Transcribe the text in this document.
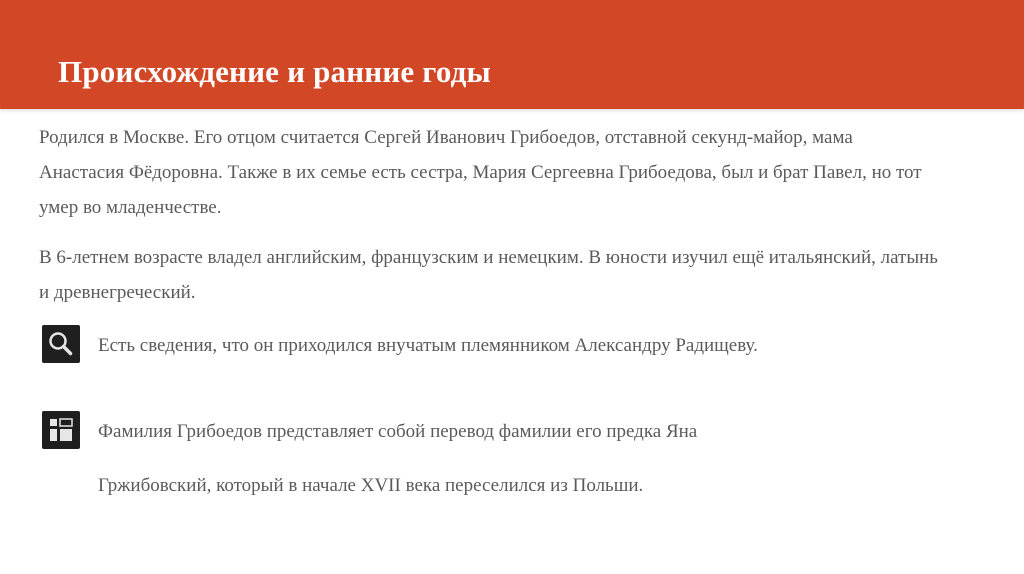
Происхождение и ранние годы

Родился в Москве. Его отцом считается Сергей Иванович Грибоедов, отставной секунд-майор, мама Анастасия Фёдоровна. Также в их семье есть сестра, Мария Сергеевна Грибоедова, был и брат Павел, но тот умер во младенчестве.

В 6-летнем возрасте владел английским, французским и немецким. В юности изучил ещё итальянский, латынь и древнегреческий.

Есть сведения, что он приходился внучатым племянником Александру Радищеву.

Фамилия Грибоедов представляет собой перевод фамилии его предка Яна

Гржибовский, который в начале XVII века переселился из Польши.
